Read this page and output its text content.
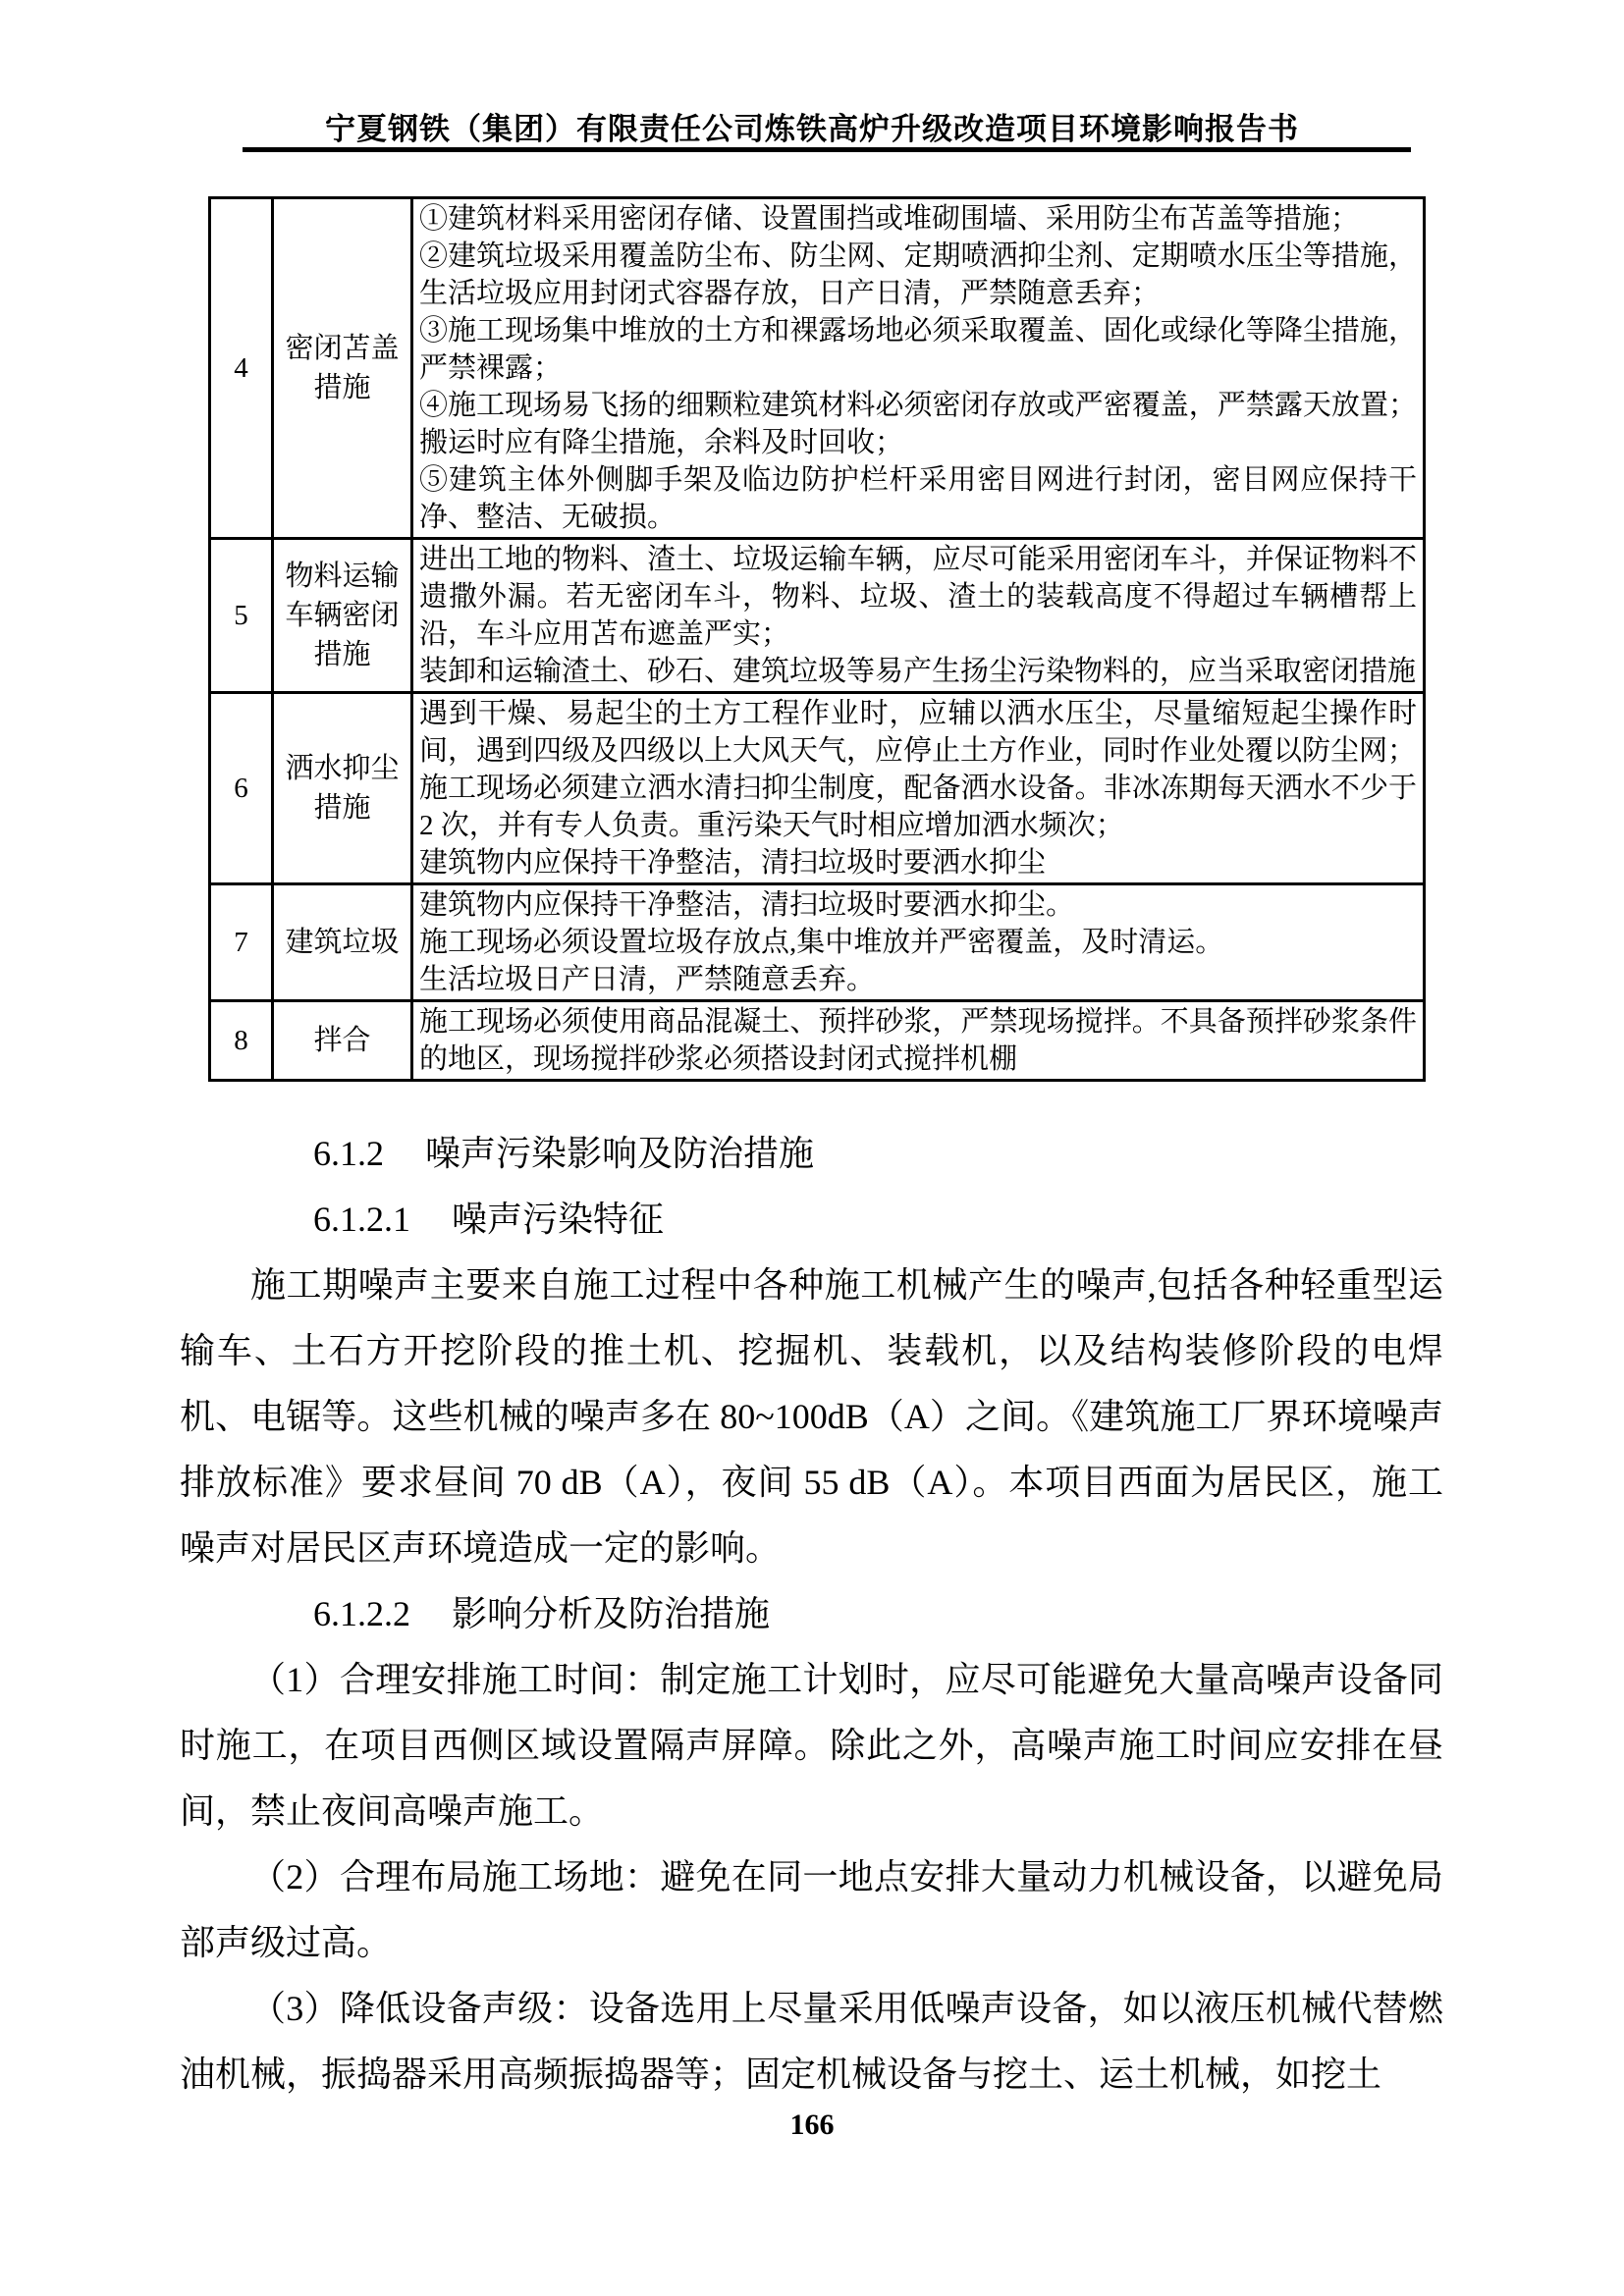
宁夏钢铁（集团）有限责任公司炼铁高炉升级改造项目环境影响报告书
4	密闭苫盖措施	①建筑材料采用密闭存储、设置围挡或堆砌围墙、采用防尘布苫盖等措施；
②建筑垃圾采用覆盖防尘布、防尘网、定期喷洒抑尘剂、定期喷水压尘等措施，生活垃圾应用封闭式容器存放，日产日清，严禁随意丢弃；
③施工现场集中堆放的土方和裸露场地必须采取覆盖、固化或绿化等降尘措施，严禁裸露；
④施工现场易飞扬的细颗粒建筑材料必须密闭存放或严密覆盖，严禁露天放置；搬运时应有降尘措施，余料及时回收；
⑤建筑主体外侧脚手架及临边防护栏杆采用密目网进行封闭，密目网应保持干净、整洁、无破损。

5	物料运输车辆密闭措施	进出工地的物料、渣土、垃圾运输车辆，应尽可能采用密闭车斗，并保证物料不遗撒外漏。若无密闭车斗，物料、垃圾、渣土的装载高度不得超过车辆槽帮上沿，车斗应用苫布遮盖严实；
装卸和运输渣土、砂石、建筑垃圾等易产生扬尘污染物料的，应当采取密闭措施

6	洒水抑尘措施	遇到干燥、易起尘的土方工程作业时，应辅以洒水压尘，尽量缩短起尘操作时间，遇到四级及四级以上大风天气，应停止土方作业，同时作业处覆以防尘网；
施工现场必须建立洒水清扫抑尘制度，配备洒水设备。非冰冻期每天洒水不少于 2 次，并有专人负责。重污染天气时相应增加洒水频次；
建筑物内应保持干净整洁，清扫垃圾时要洒水抑尘

7	建筑垃圾	建筑物内应保持干净整洁，清扫垃圾时要洒水抑尘。
施工现场必须设置垃圾存放点,集中堆放并严密覆盖，及时清运。
生活垃圾日产日清，严禁随意丢弃。

8	拌合	施工现场必须使用商品混凝土、预拌砂浆，严禁现场搅拌。不具备预拌砂浆条件的地区，现场搅拌砂浆必须搭设封闭式搅拌机棚
6.1.2 噪声污染影响及防治措施
6.1.2.1 噪声污染特征

施工期噪声主要来自施工过程中各种施工机械产生的噪声,包括各种轻重型运输车、土石方开挖阶段的推土机、挖掘机、装载机，以及结构装修阶段的电焊机、电锯等。这些机械的噪声多在 80~100dB（A）之间。《建筑施工厂界环境噪声排放标准》要求昼间 70 dB（A），夜间 55 dB（A）。本项目西面为居民区，施工噪声对居民区声环境造成一定的影响。

6.1.2.2 影响分析及防治措施

（1）合理安排施工时间：制定施工计划时，应尽可能避免大量高噪声设备同时施工，在项目西侧区域设置隔声屏障。除此之外，高噪声施工时间应安排在昼间，禁止夜间高噪声施工。

（2）合理布局施工场地：避免在同一地点安排大量动力机械设备，以避免局部声级过高。

（3）降低设备声级：设备选用上尽量采用低噪声设备，如以液压机械代替燃油机械，振捣器采用高频振捣器等；固定机械设备与挖土、运土机械，如挖土

166
